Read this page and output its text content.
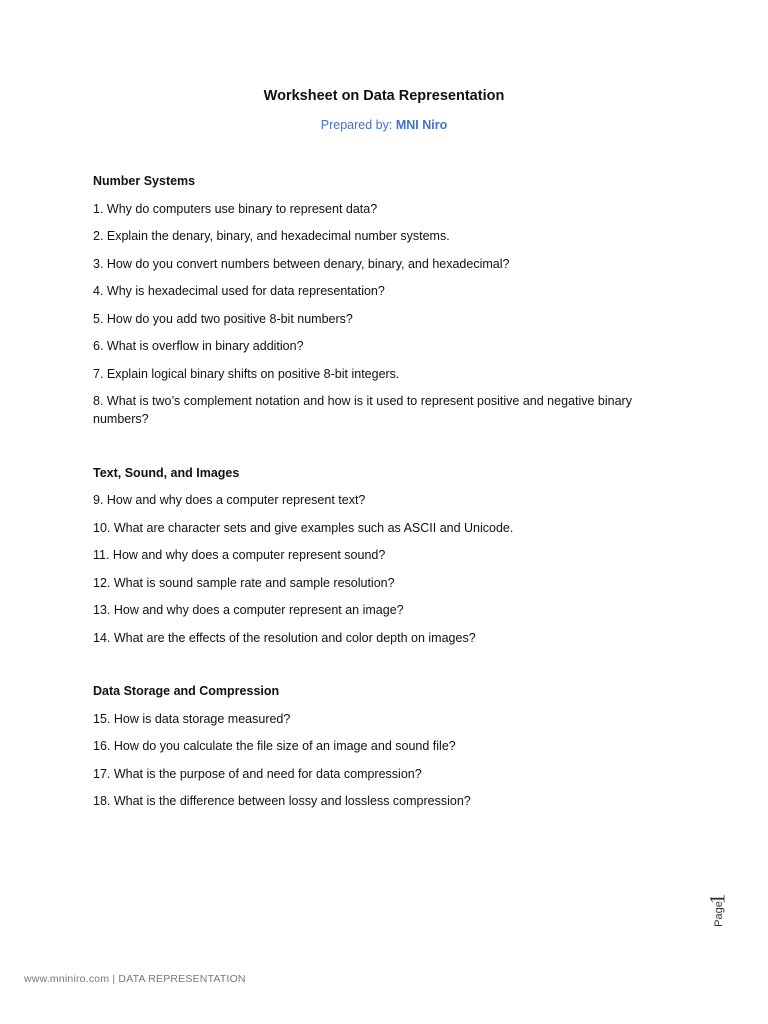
Worksheet on Data Representation
Prepared by: MNI Niro
Number Systems
1. Why do computers use binary to represent data?
2. Explain the denary, binary, and hexadecimal number systems.
3. How do you convert numbers between denary, binary, and hexadecimal?
4. Why is hexadecimal used for data representation?
5. How do you add two positive 8-bit numbers?
6. What is overflow in binary addition?
7. Explain logical binary shifts on positive 8-bit integers.
8. What is two’s complement notation and how is it used to represent positive and negative binary numbers?
Text, Sound, and Images
9. How and why does a computer represent text?
10. What are character sets and give examples such as ASCII and Unicode.
11. How and why does a computer represent sound?
12. What is sound sample rate and sample resolution?
13. How and why does a computer represent an image?
14. What are the effects of the resolution and color depth on images?
Data Storage and Compression
15. How is data storage measured?
16. How do you calculate the file size of an image and sound file?
17. What is the purpose of and need for data compression?
18. What is the difference between lossy and lossless compression?
Page
1
www.mniniro.com | DATA REPRESENTATION
